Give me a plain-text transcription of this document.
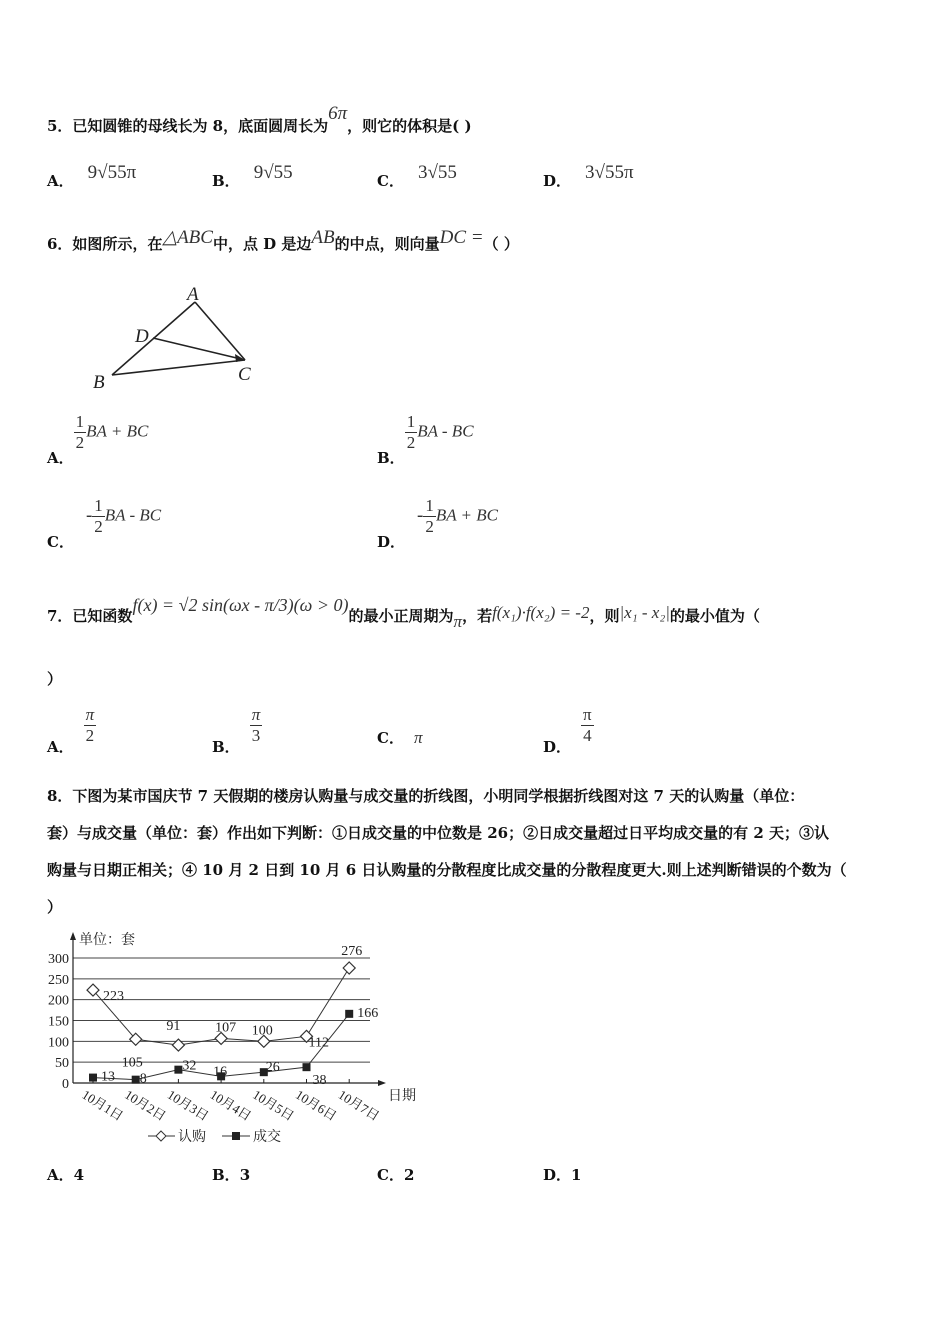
5．已知圆锥的母线长为 8，底面圆周长为6π，则它的体积是( )
A． 9√55π	B． 9√55	C． 3√55	D． 3√55π
6．如图所示，在△ABC中，点 D 是边AB的中点，则向量DC =（ ）
A
D
B	C
A．
$\frac{1}{2}$ BA + BC
B．
$\frac{1}{2}$ BA - BC
C．- $\frac{1}{2}$ BA - BC
D．- $\frac{1}{2}$ BA + BC
7．已知函数f(x) = √2 sin(ωx - π/3)(ω > 0)的最小正周期为π，若f(x₁)·f(x₂) = -2，则|x₁ - x₂|的最小值为（
）
A．
$\frac{\pi}{2}$
B．
$\frac{\pi}{3}$	C． π	D．
$\frac{\pi}{4}$
8．下图为某市国庆节 7 天假期的楼房认购量与成交量的折线图，小明同学根据折线图对这 7 天的认购量（单位：
套）与成交量（单位：套）作出如下判断：①日成交量的中位数是 26；②日成交量超过日平均成交量的有 2 天；③认
购量与日期正相关；④ 10 月 2 日到 10 月 6 日认购量的分散程度比成交量的分散程度更大.则上述判断错误的个数为（
）
0
50
100
150
200
250
300
单位：套
日期
10月1日
10月2日
10月3日
10月4日
10月5日
10月6日
10月7日
223
105
91 107 100
112
276
13 8
32 16	26
38
166
认购	成交
A．4	B．3	C．2	D．1
